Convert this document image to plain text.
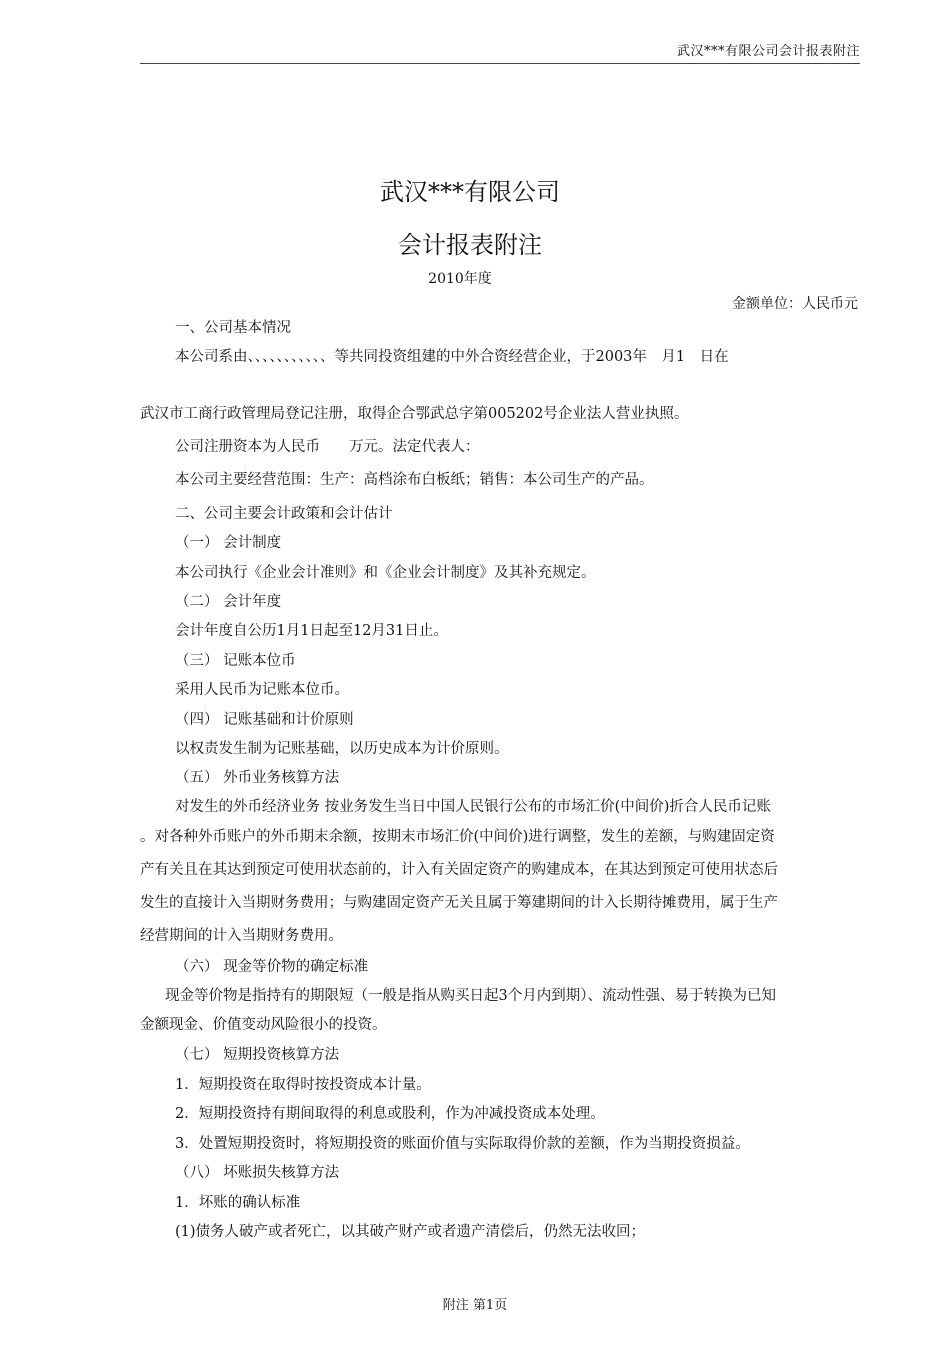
武汉***有限公司会计报表附注
武汉***有限公司
会计报表附注
2010年度
金额单位：人民币元
一、公司基本情况
本公司系由、、、、、、、、、、、等共同投资组建的中外合资经营企业，于2003年　月1　日在
武汉市工商行政管理局登记注册，取得企合鄂武总字第005202号企业法人营业执照。
公司注册资本为人民币　　万元。法定代表人：
本公司主要经营范围：生产：高档涂布白板纸；销售：本公司生产的产品。
二、公司主要会计政策和会计估计
（一） 会计制度
本公司执行《企业会计准则》和《企业会计制度》及其补充规定。
（二） 会计年度
会计年度自公历1月1日起至12月31日止。
（三） 记账本位币
采用人民币为记账本位币。
（四） 记账基础和计价原则
以权责发生制为记账基础，以历史成本为计价原则。
（五） 外币业务核算方法
对发生的外币经济业务 按业务发生当日中国人民银行公布的市场汇价(中间价)折合人民币记账
。对各种外币账户的外币期末余额，按期末市场汇价(中间价)进行调整，发生的差额，与购建固定资
产有关且在其达到预定可使用状态前的，计入有关固定资产的购建成本，在其达到预定可使用状态后
发生的直接计入当期财务费用；与购建固定资产无关且属于筹建期间的计入长期待摊费用，属于生产
经营期间的计入当期财务费用。
（六） 现金等价物的确定标准
现金等价物是指持有的期限短（一般是指从购买日起3个月内到期）、流动性强、易于转换为已知
金额现金、价值变动风险很小的投资。
（七） 短期投资核算方法
1．短期投资在取得时按投资成本计量。
2．短期投资持有期间取得的利息或股利，作为冲减投资成本处理。
3．处置短期投资时，将短期投资的账面价值与实际取得价款的差额，作为当期投资损益。
（八） 坏账损失核算方法
1．坏账的确认标准
(1)债务人破产或者死亡，以其破产财产或者遗产清偿后，仍然无法收回；
附注 第1页
